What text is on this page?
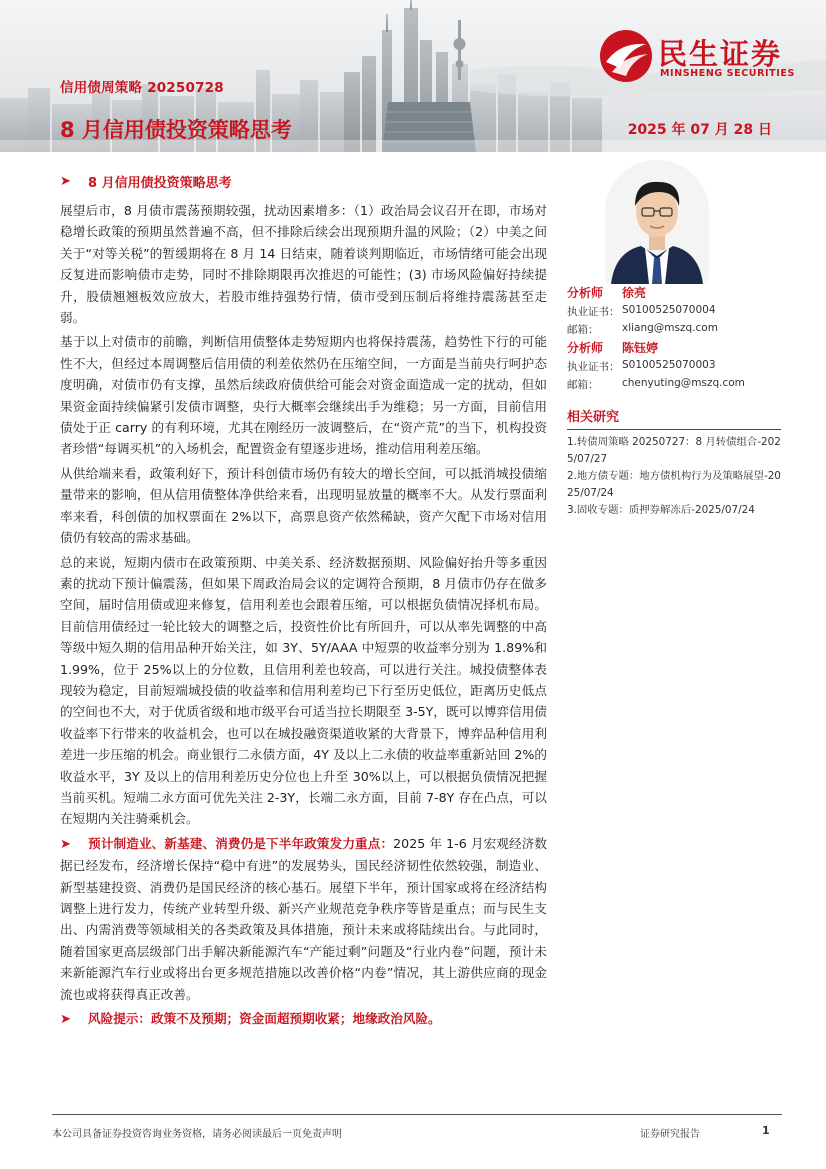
信用债周策略 20250728
8 月信用债投资策略思考	2025 年 07 月 28 日
民生证券
MINSHENG SECURITIES
➤	8 月信用债投资策略思考

展望后市，8 月债市震荡预期较强，扰动因素增多：（1）政治局会议召开在即，市场对稳增长政策的预期虽然普遍不高，但不排除后续会出现预期升温的风险；（2）中美之间关于“对等关税”的暂缓期将在 8 月 14 日结束，随着谈判期临近，市场情绪可能会出现反复进而影响债市走势，同时不排除期限再次推迟的可能性；(3) 市场风险偏好持续提升，股债翘翘板效应放大，若股市维持强势行情，债市受到压制后将维持震荡甚至走弱。

基于以上对债市的前瞻，判断信用债整体走势短期内也将保持震荡，趋势性下行的可能性不大，但经过本周调整后信用债的利差依然仍在压缩空间，一方面是当前央行呵护态度明确，对债市仍有支撑，虽然后续政府债供给可能会对资金面造成一定的扰动，但如果资金面持续偏紧引发债市调整，央行大概率会继续出手为维稳；另一方面，目前信用债处于正 carry 的有利环境，尤其在刚经历一波调整后，在“资产荒”的当下，机构投资者珍惜“每调买机”的入场机会，配置资金有望逐步进场，推动信用利差压缩。

从供给端来看，政策利好下，预计科创债市场仍有较大的增长空间，可以抵消城投债缩量带来的影响，但从信用债整体净供给来看，出现明显放量的概率不大。从发行票面利率来看，科创债的加权票面在 2%以下，高票息资产依然稀缺，资产欠配下市场对信用债仍有较高的需求基础。

总的来说，短期内债市在政策预期、中美关系、经济数据预期、风险偏好抬升等多重因素的扰动下预计偏震荡，但如果下周政治局会议的定调符合预期，8 月债市仍存在做多空间，届时信用债或迎来修复，信用利差也会跟着压缩，可以根据负债情况择机布局。目前信用债经过一轮比较大的调整之后，投资性价比有所回升，可以从率先调整的中高等级中短久期的信用品种开始关注，如 3Y、5Y/AAA 中短票的收益率分别为 1.89%和 1.99%，位于 25%以上的分位数，且信用利差也较高，可以进行关注。城投债整体表现较为稳定，目前短端城投债的收益率和信用利差均已下行至历史低位，距离历史低点的空间也不大，对于优质省级和地市级平台可适当拉长期限至 3-5Y，既可以博弈信用债收益率下行带来的收益机会，也可以在城投融资渠道收紧的大背景下，博弈品种信用利差进一步压缩的机会。商业银行二永债方面，4Y 及以上二永债的收益率重新站回 2%的收益水平，3Y 及以上的信用利差历史分位也上升至 30%以上，可以根据负债情况把握当前买机。短端二永方面可优先关注 2-3Y，长端二永方面，目前 7-8Y 存在凸点，可以在短期内关注骑乘机会。

➤ 预计制造业、新基建、消费仍是下半年政策发力重点：2025 年 1-6 月宏观经济数据已经发布，经济增长保持“稳中有进”的发展势头，国民经济韧性依然较强，制造业、新型基建投资、消费仍是国民经济的核心基石。展望下半年，预计国家或将在经济结构调整上进行发力，传统产业转型升级、新兴产业规范竞争秩序等皆是重点；而与民生支出、内需消费等领域相关的各类政策及具体措施，预计未来或将陆续出台。与此同时，随着国家更高层级部门出手解决新能源汽车“产能过剩”问题及“行业内卷”问题，预计未来新能源汽车行业或将出台更多规范措施以改善价格“内卷”情况，其上游供应商的现金流也或将获得真正改善。

➤ 风险提示：政策不及预期；资金面超预期收紧；地缘政治风险。

分析师	徐亮
执业证书： S0100525070004
邮箱：	xliang@mszq.com
分析师	陈钰婷
执业证书： S0100525070003
邮箱：	chenyuting@mszq.com
相关研究
1.转债周策略 20250727：8 月转债组合-2025/07/27
2.地方债专题：地方债机构行为及策略展望-2025/07/24
3.固收专题：质押券解冻后-2025/07/24
本公司具备证券投资咨询业务资格，请务必阅读最后一页免责声明	证券研究报告	1
